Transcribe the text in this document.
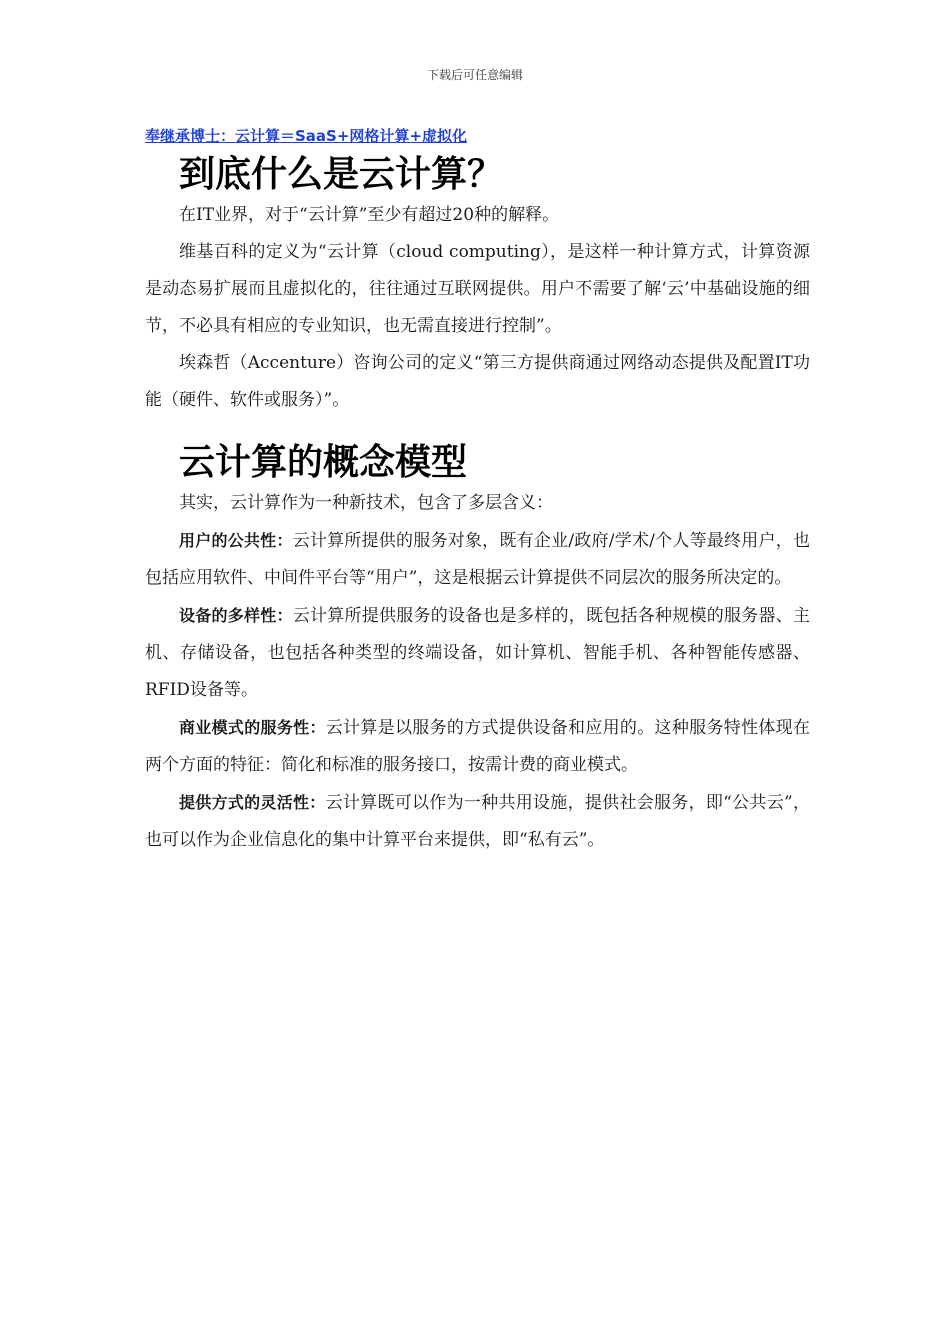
下载后可任意编辑
奉继承博士：云计算＝SaaS+网格计算+虚拟化
到底什么是云计算？

在IT业界，对于“云计算”至少有超过20种的解释。

维基百科的定义为“云计算（cloud computing），是这样一种计算方式，计算资源是动态易扩展而且虚拟化的，往往通过互联网提供。用户不需要了解‘云’中基础设施的细节，不必具有相应的专业知识，也无需直接进行控制”。

埃森哲（Accenture）咨询公司的定义“第三方提供商通过网络动态提供及配置IT功能（硬件、软件或服务）”。

云计算的概念模型

其实，云计算作为一种新技术，包含了多层含义：

用户的公共性：云计算所提供的服务对象，既有企业/政府/学术/个人等最终用户，也包括应用软件、中间件平台等“用户”，这是根据云计算提供不同层次的服务所决定的。

设备的多样性：云计算所提供服务的设备也是多样的，既包括各种规模的服务器、主机、存储设备，也包括各种类型的终端设备，如计算机、智能手机、各种智能传感器、RFID设备等。

商业模式的服务性：云计算是以服务的方式提供设备和应用的。这种服务特性体现在两个方面的特征：简化和标准的服务接口，按需计费的商业模式。

提供方式的灵活性：云计算既可以作为一种共用设施，提供社会服务，即“公共云”，也可以作为企业信息化的集中计算平台来提供，即“私有云”。
